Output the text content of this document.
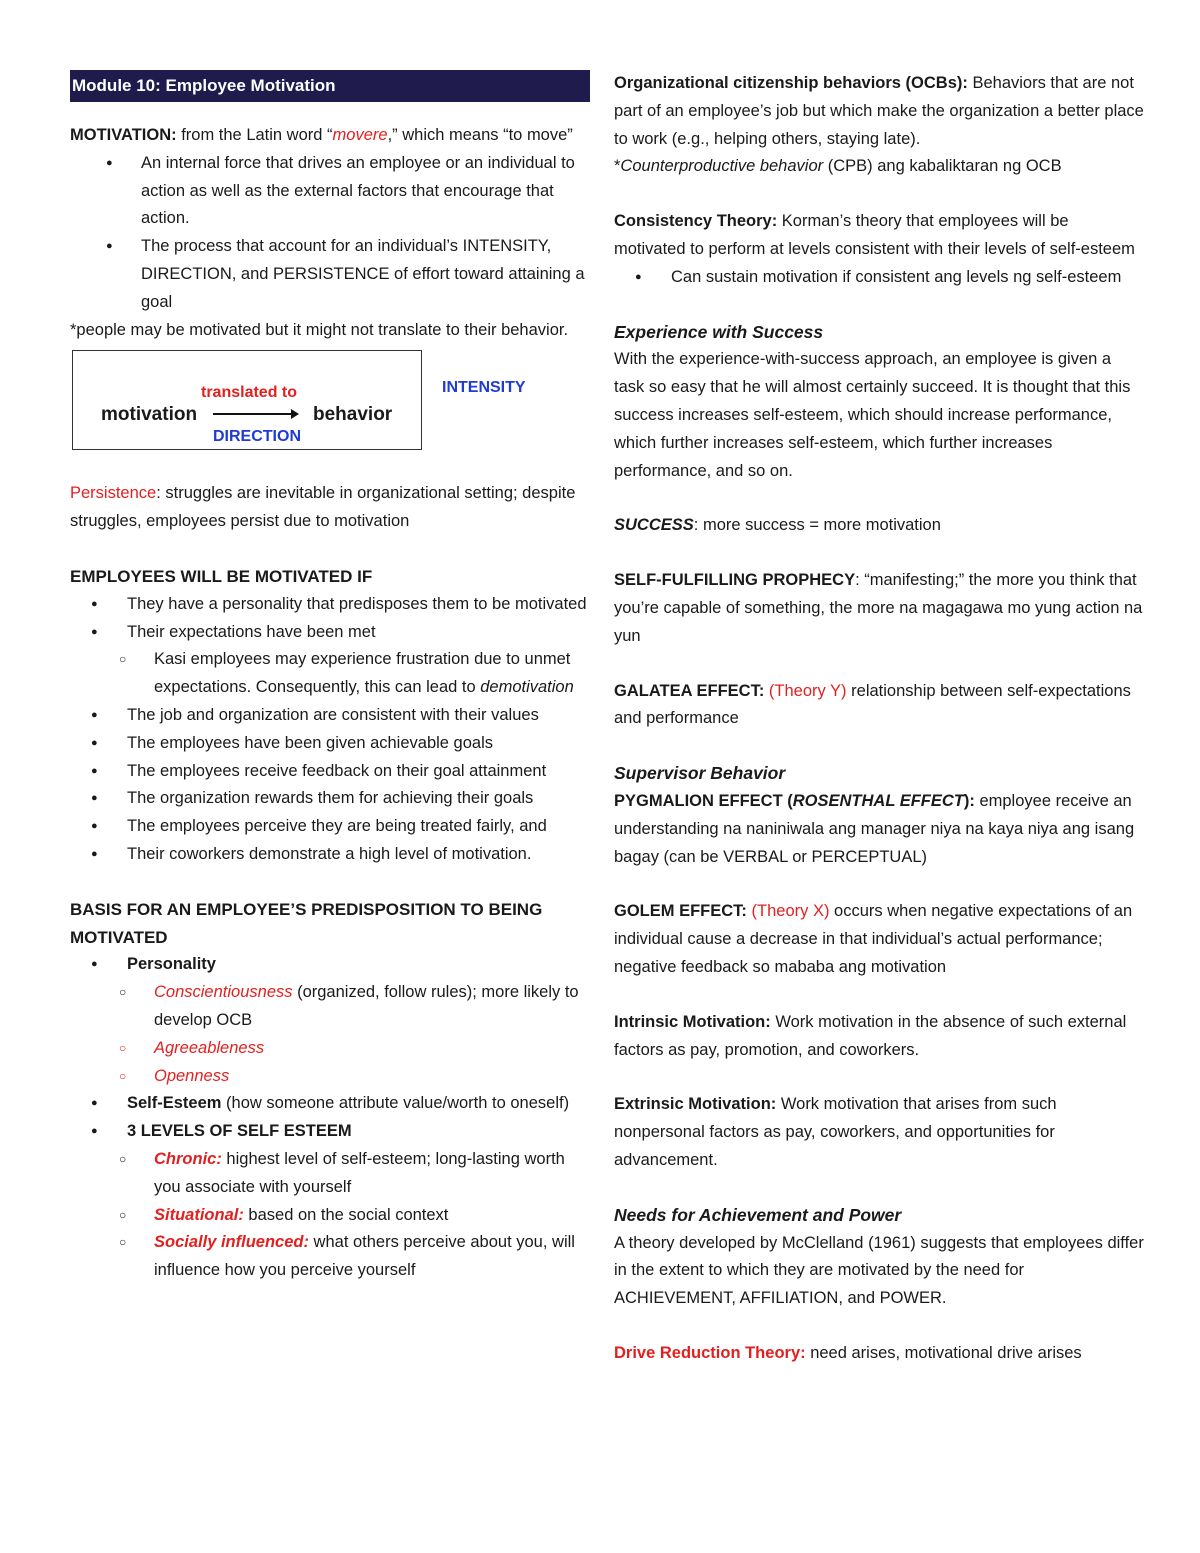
Module 10: Employee Motivation

MOTIVATION: from the Latin word “movere,” which means “to move”

● An internal force that drives an employee or an individual to action as well as the external factors that encourage that action.
● The process that account for an individual’s INTENSITY, DIRECTION, and PERSISTENCE of effort toward attaining a goal

*people may be motivated but it might not translate to their behavior.

motivation
translated to
behavior
DIRECTION
INTENSITY

Persistence: struggles are inevitable in organizational setting; despite struggles, employees persist due to motivation

EMPLOYEES WILL BE MOTIVATED IF

● They have a personality that predisposes them to be motivated
● Their expectations have been met
○ Kasi employees may experience frustration due to unmet expectations. Consequently, this can lead to demotivation
● The job and organization are consistent with their values
● The employees have been given achievable goals
● The employees receive feedback on their goal attainment
● The organization rewards them for achieving their goals
● The employees perceive they are being treated fairly, and
● Their coworkers demonstrate a high level of motivation.

BASIS FOR AN EMPLOYEE’S PREDISPOSITION TO BEING MOTIVATED

● Personality
○ Conscientiousness (organized, follow rules); more likely to develop OCB
○ Agreeableness
○ Openness
● Self-Esteem (how someone attribute value/worth to oneself)
● 3 LEVELS OF SELF ESTEEM
○ Chronic: highest level of self-esteem; long-lasting worth you associate with yourself
○ Situational: based on the social context
○ Socially influenced: what others perceive about you, will influence how you perceive yourself

Organizational citizenship behaviors (OCBs): Behaviors that are not part of an employee’s job but which make the organization a better place to work (e.g., helping others, staying late).

*Counterproductive behavior (CPB) ang kabaliktaran ng OCB

Consistency Theory: Korman’s theory that employees will be motivated to perform at levels consistent with their levels of self-esteem

● Can sustain motivation if consistent ang levels ng self-esteem

Experience with Success

With the experience-with-success approach, an employee is given a task so easy that he will almost certainly succeed. It is thought that this success increases self-esteem, which should increase performance, which further increases self-esteem, which further increases performance, and so on.

SUCCESS: more success = more motivation

SELF-FULFILLING PROPHECY: “manifesting;” the more you think that you’re capable of something, the more na magagawa mo yung action na yun

GALATEA EFFECT: (Theory Y) relationship between self-expectations and performance

Supervisor Behavior

PYGMALION EFFECT (ROSENTHAL EFFECT): employee receive an understanding na naniniwala ang manager niya na kaya niya ang isang bagay (can be VERBAL or PERCEPTUAL)

GOLEM EFFECT: (Theory X) occurs when negative expectations of an individual cause a decrease in that individual’s actual performance; negative feedback so mababa ang motivation

Intrinsic Motivation: Work motivation in the absence of such external factors as pay, promotion, and coworkers.

Extrinsic Motivation: Work motivation that arises from such nonpersonal factors as pay, coworkers, and opportunities for advancement.

Needs for Achievement and Power

A theory developed by McClelland (1961) suggests that employees differ in the extent to which they are motivated by the need for ACHIEVEMENT, AFFILIATION, and POWER.

Drive Reduction Theory: need arises, motivational drive arises
